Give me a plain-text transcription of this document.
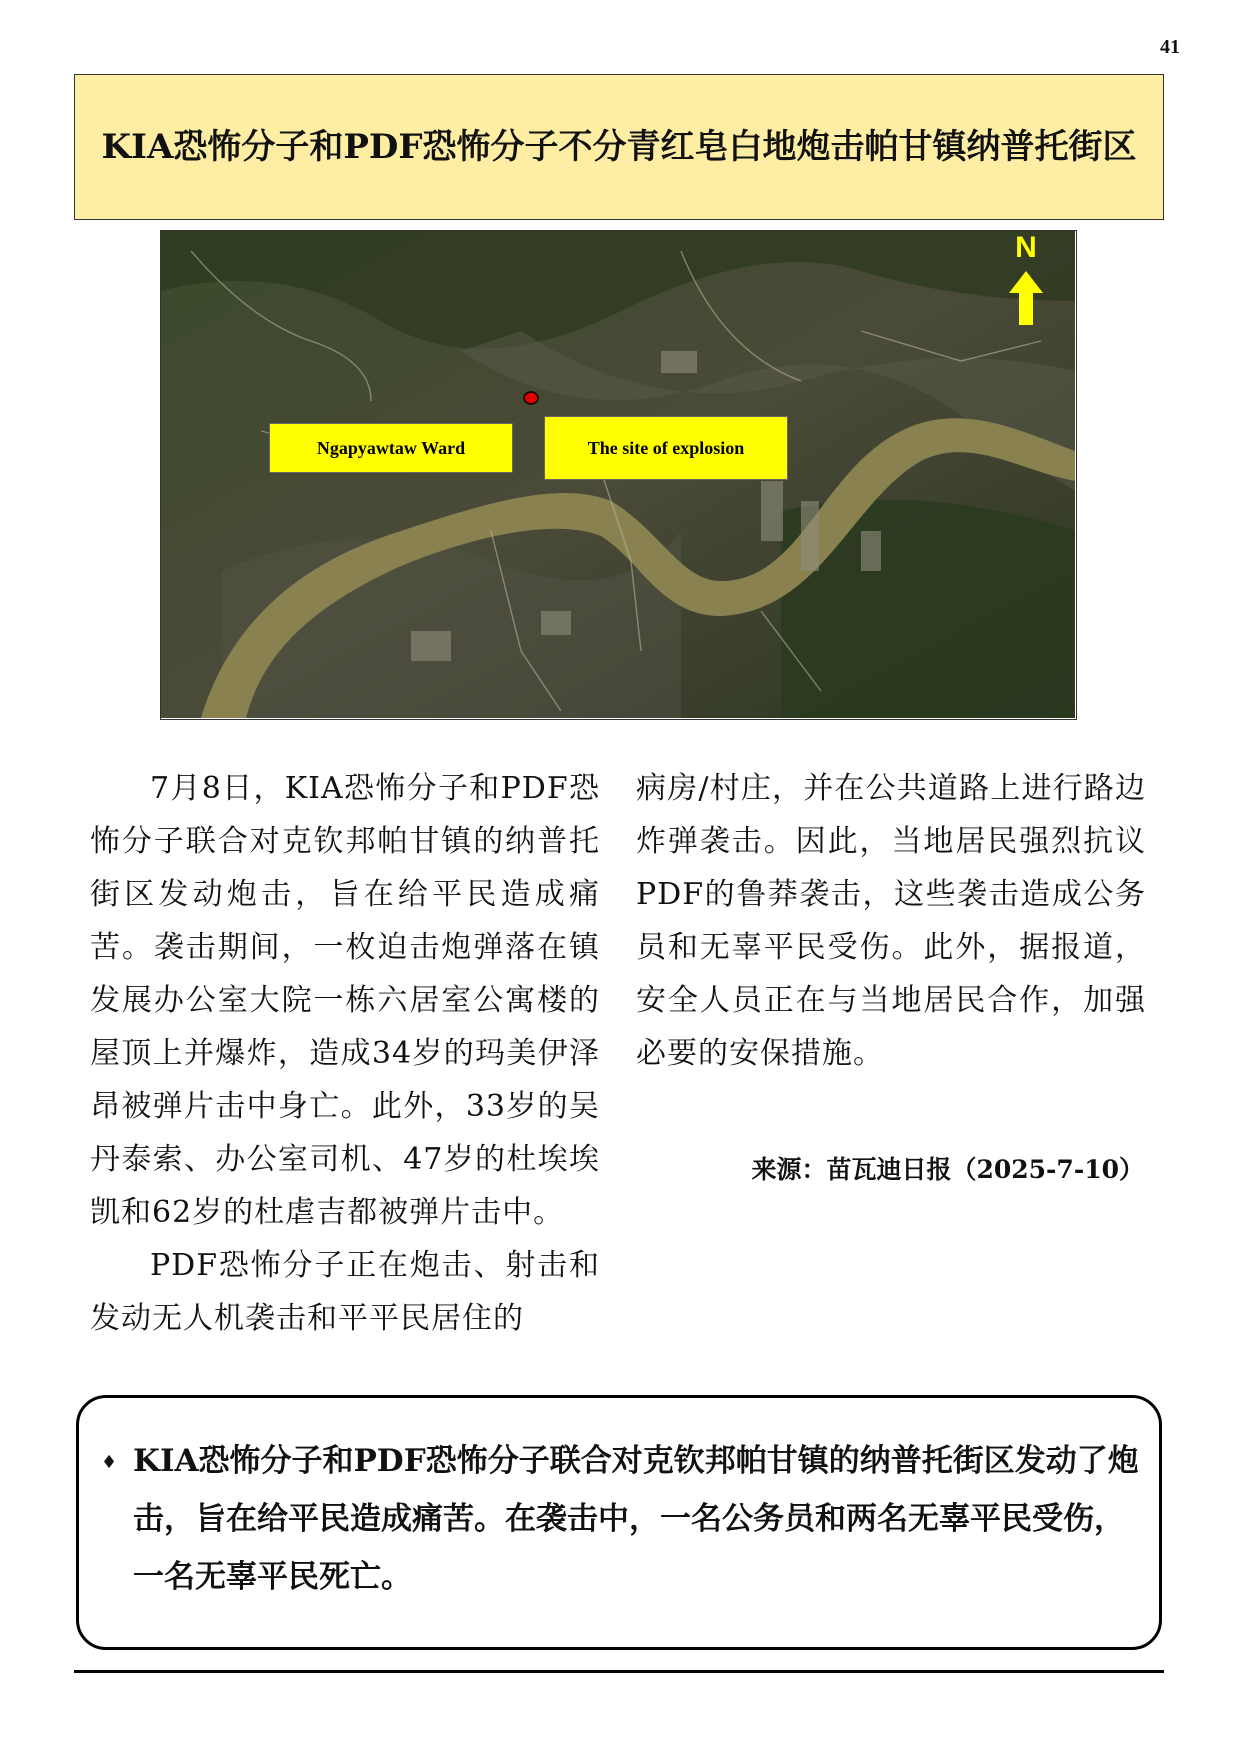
41
KIA恐怖分子和PDF恐怖分子不分青红皂白地炮击帕甘镇纳普托街区
N
Ngapyawtaw Ward	The site of explosion

7月8日，KIA恐怖分子和PDF恐怖分子联合对克钦邦帕甘镇的纳普托街区发动炮击，旨在给平民造成痛苦。袭击期间，一枚迫击炮弹落在镇发展办公室大院一栋六居室公寓楼的屋顶上并爆炸，造成34岁的玛美伊泽昂被弹片击中身亡。此外，33岁的吴丹泰索、办公室司机、47岁的杜埃埃凯和62岁的杜虐吉都被弹片击中。

PDF恐怖分子正在炮击、射击和发动无人机袭击和平平民居住的

病房/村庄，并在公共道路上进行路边炸弹袭击。因此，当地居民强烈抗议PDF的鲁莽袭击，这些袭击造成公务员和无辜平民受伤。此外，据报道，安全人员正在与当地居民合作，加强必要的安保措施。

来源：苗瓦迪日报（2025-7-10）
♦ KIA恐怖分子和PDF恐怖分子联合对克钦邦帕甘镇的纳普托街区发动了炮击，旨在给平民造成痛苦。在袭击中，一名公务员和两名无辜平民受伤，一名无辜平民死亡。
